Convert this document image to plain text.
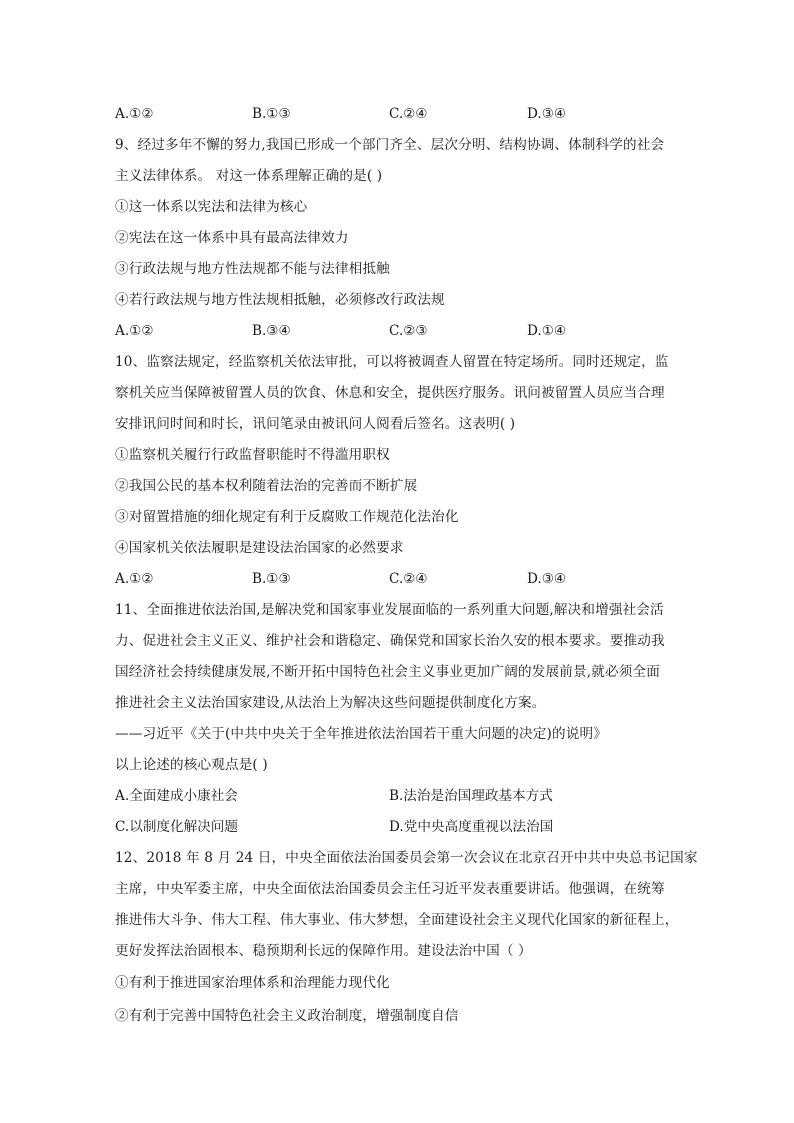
A.①②	B.①③	C.②④	D.③④
9、经过多年不懈的努力,我国已形成一个部门齐全、层次分明、结构协调、体制科学的社会
主义法律体系。 对这一体系理解正确的是( )
①这一体系以宪法和法律为核心
②宪法在这一体系中具有最高法律效力
③行政法规与地方性法规都不能与法律相抵触
④若行政法规与地方性法规相抵触，必须修改行政法规
A.①②	B.③④	C.②③	D.①④
10、监察法规定，经监察机关依法审批，可以将被调查人留置在特定场所。同时还规定，监
察机关应当保障被留置人员的饮食、休息和安全，提供医疗服务。讯问被留置人员应当合理
安排讯问时间和时长，讯问笔录由被讯问人阅看后签名。这表明( )
①监察机关履行行政监督职能时不得滥用职权
②我国公民的基本权利随着法治的完善而不断扩展
③对留置措施的细化规定有利于反腐败工作规范化法治化
④国家机关依法履职是建设法治国家的必然要求
A.①②	B.①③	C.②④	D.③④
11、全面推进依法治国,是解决党和国家事业发展面临的一系列重大问题,解决和增强社会活
力、促进社会主义正义、维护社会和谐稳定、确保党和国家长治久安的根本要求。要推动我
国经济社会持续健康发展,不断开拓中国特色社会主义事业更加广阔的发展前景,就必须全面
推进社会主义法治国家建设,从法治上为解决这些问题提供制度化方案。
——习近平《关于(中共中央关于全年推进依法治国若干重大问题的决定)的说明》
以上论述的核心观点是( )
A.全面建成小康社会	B.法治是治国理政基本方式
C.以制度化解决问题	D.党中央高度重视以法治国
12、2018 年 8 月 24 日，中央全面依法治国委员会第一次会议在北京召开中共中央总书记国家
主席，中央军委主席，中央全面依法治国委员会主任习近平发表重要讲话。他强调，在统筹
推进伟大斗争、伟大工程、伟大事业、伟大梦想，全面建设社会主义现代化国家的新征程上，
更好发挥法治固根本、稳预期利长远的保障作用。建设法治中国（ ）
①有利于推进国家治理体系和治理能力现代化
②有利于完善中国特色社会主义政治制度，增强制度自信
